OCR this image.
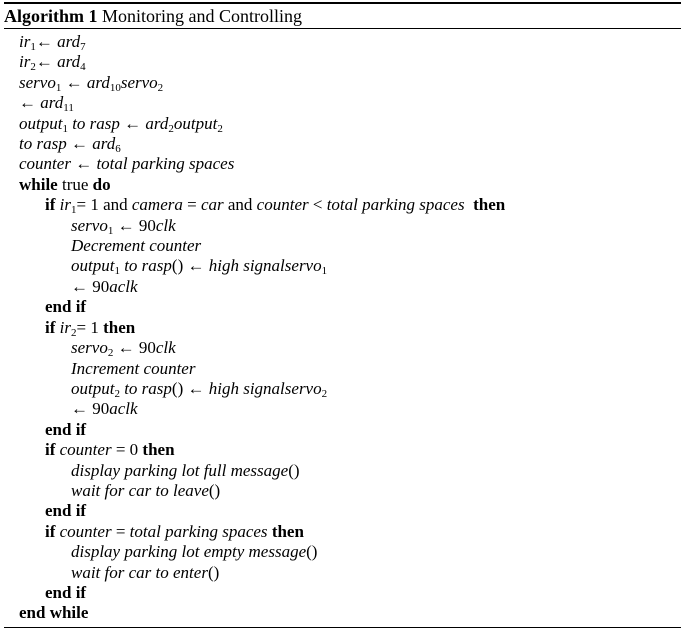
Algorithm 1 Monitoring and Controlling
$ir_1\leftarrow$ ard$_7$
$ir_2\leftarrow$ ard$_4$
servo$_1$ ← ard$_{10}$servo$_2$
← ard$_{11}$
output$_1$ to rasp ← ard$_2$output$_2$
to rasp ← ard$_6$
counter ← total parking spaces
while true do
if $ir_1= 1$ and camera = car and counter < total parking spaces then
servo$_1$ ← 90clk
Decrement counter
output$_1$ to rasp() ← high signalservo$_1$
← 90aclk
end if
if $ir_2= 1$ then
servo$_2$ ← 90clk
Increment counter
output$_2$ to rasp() ← high signalservo$_2$
← 90aclk
end if
if counter = 0 then
display parking lot full message()
wait for car to leave()
end if
if counter = total parking spaces then
display parking lot empty message()
wait for car to enter()
end if
end while
